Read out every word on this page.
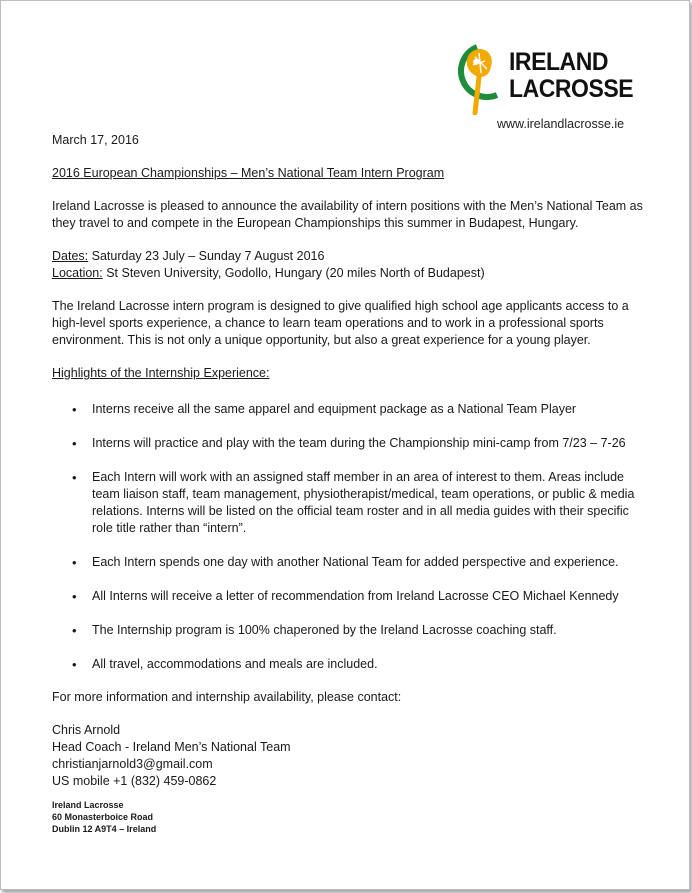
IRELAND
LACROSSE
www.irelandlacrosse.ie

March 17, 2016

2016 European Championships – Men’s National Team Intern Program

Ireland Lacrosse is pleased to announce the availability of intern positions with the Men’s National Team as they travel to and compete in the European Championships this summer in Budapest, Hungary.

Dates: Saturday 23 July – Sunday 7 August 2016

Location: St Steven University, Godollo, Hungary (20 miles North of Budapest)

The Ireland Lacrosse intern program is designed to give qualified high school age applicants access to a high-level sports experience, a chance to learn team operations and to work in a professional sports environment. This is not only a unique opportunity, but also a great experience for a young player.

Highlights of the Internship Experience:

• Interns receive all the same apparel and equipment package as a National Team Player
• Interns will practice and play with the team during the Championship mini-camp from 7/23 – 7-26
• Each Intern will work with an assigned staff member in an area of interest to them. Areas include team liaison staff, team management, physiotherapist/medical, team operations, or public & media relations. Interns will be listed on the official team roster and in all media guides with their specific role title rather than “intern”.
• Each Intern spends one day with another National Team for added perspective and experience.
• All Interns will receive a letter of recommendation from Ireland Lacrosse CEO Michael Kennedy
• The Internship program is 100% chaperoned by the Ireland Lacrosse coaching staff.
• All travel, accommodations and meals are included.

For more information and internship availability, please contact:

Chris Arnold

Head Coach - Ireland Men’s National Team

christianjarnold3@gmail.com

US mobile +1 (832) 459-0862

Ireland Lacrosse
60 Monasterboice Road
Dublin 12 A9T4 – Ireland
